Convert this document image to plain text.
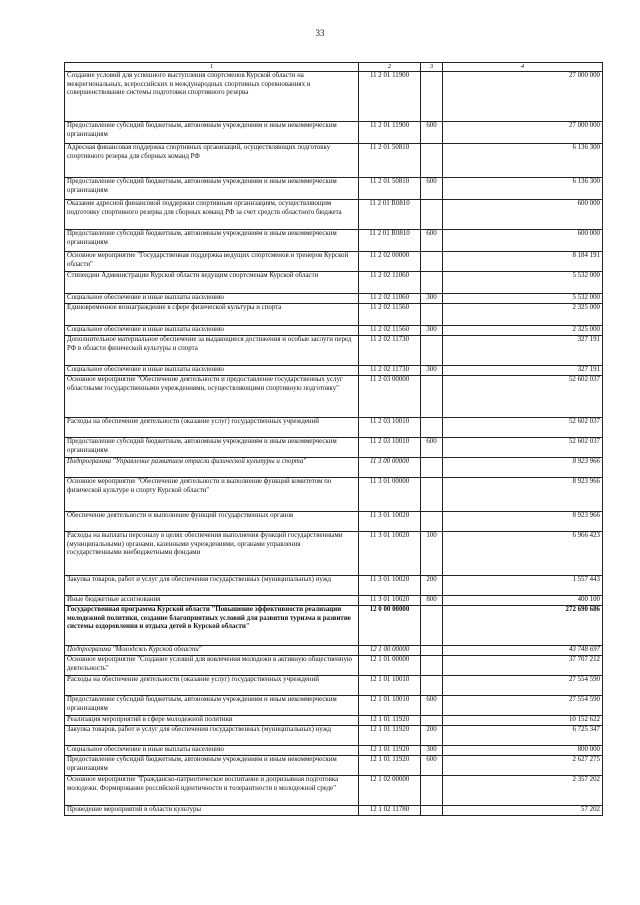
33
1	2	3	4
Создание условий для успешного выступления спортсменов Курской области на межрегиональных, всероссийских и международных спортивных соревнованиях и совершенствование системы подготовки спортивного резерва	11 2 01 11900		27 000 000
Предоставление субсидий бюджетным, автономным учреждениям и иным некоммерческим организациям	11 2 01 11900	600	27 000 000
Адресная финансовая поддержка спортивных организаций, осуществляющих подготовку спортивного резерва для сборных команд РФ	11 2 01 50810		6 136 300
Предоставление субсидий бюджетным, автономным учреждениям и иным некоммерческим организациям	11 2 01 50810	600	6 136 300
Оказание адресной финансовой поддержки спортивным организациям, осуществляющим подготовку спортивного резерва для сборных команд РФ за счет средств областного бюджета	11 2 01 R0810		600 000
Предоставление субсидий бюджетным, автономным учреждениям и иным некоммерческим организациям	11 2 01 R0810	600	600 000
Основное мероприятие "Государственная поддержка ведущих спортсменов и тренеров Курской области"	11 2 02 00000		8 184 191
Стипендии Администрации Курской области ведущим спортсменам Курской области	11 2 02 11060		5 532 000
Социальное обеспечение и иные выплаты населению	11 2 02 11060	300	5 532 000
Единовременное вознаграждение в сфере физической культуры и спорта	11 2 02 11560		2 325 000
Социальное обеспечение и иные выплаты населению	11 2 02 11560	300	2 325 000
Дополнительное материальное обеспечение за выдающиеся достижения и особые заслуги перед РФ в области физической культуры и спорта	11 2 02 11730		327 191
Социальное обеспечение и иные выплаты населению	11 2 02 11730	300	327 191
Основное мероприятие "Обеспечение деятельности и предоставление государственных услуг областными государственными учреждениями, осуществляющими спортивную подготовку"	11 2 03 00000		52 602 037
Расходы на обеспечение деятельности (оказание услуг) государственных учреждений	11 2 03 10010		52 602 037
Предоставление субсидий бюджетным, автономным учреждениям и иным некоммерческим организациям	11 2 03 10010	600	52 602 037
Подпрограмма "Управление развитием отрасли физической культуры и спорта"	11 3 00 00000		8 923 966
Основное мероприятие "Обеспечение деятельности и выполнение функций комитетом по физической культуре и спорту Курской области"	11 3 01 00000		8 923 966
Обеспечение деятельности и выполнение функций государственных органов	11 3 01 10020		8 923 966
Расходы на выплаты персоналу в целях обеспечения выполнения функций государственными (муниципальными) органами, казенными учреждениями, органами управления государственными внебюджетными фондами	11 3 01 10020	100	6 966 423
Закупка товаров, работ и услуг для обеспечения государственных (муниципальных) нужд	11 3 01 10020	200	1 557 443
Иные бюджетные ассигнования	11 3 01 10020	800	400 100
Государственная программа Курской области "Повышение эффективности реализации молодежной политики, создание благоприятных условий для развития туризма и развитие системы оздоровления и отдыха детей в Курской области"	12 0 00 00000		272 690 686
Подпрограмма "Молодежь Курской области"	12 1 00 00000		43 748 697
Основное мероприятие "Создание условий для вовлечения молодежи в активную общественную деятельность"	12 1 01 00000		37 707 212
Расходы на обеспечение деятельности (оказание услуг) государственных учреждений	12 1 01 10010		27 554 590
Предоставление субсидий бюджетным, автономным учреждениям и иным некоммерческим организациям	12 1 01 10010	600	27 554 590
Реализация мероприятий в сфере молодежной политики	12 1 01 11920		10 152 622
Закупка товаров, работ и услуг для обеспечения государственных (муниципальных) нужд	12 1 01 11920	200	6 725 347
Социальное обеспечение и иные выплаты населению	12 1 01 11920	300	800 000
Предоставление субсидий бюджетным, автономным учреждениям и иным некоммерческим организациям	12 1 01 11920	600	2 627 275
Основное мероприятие "Гражданско-патриотическое воспитание и допризывная подготовка молодежи. Формирование российской идентичности и толерантности в молодежной среде"	12 1 02 00000		2 357 202
Проведение мероприятий в области культуры	12 1 02 11780		57 202
